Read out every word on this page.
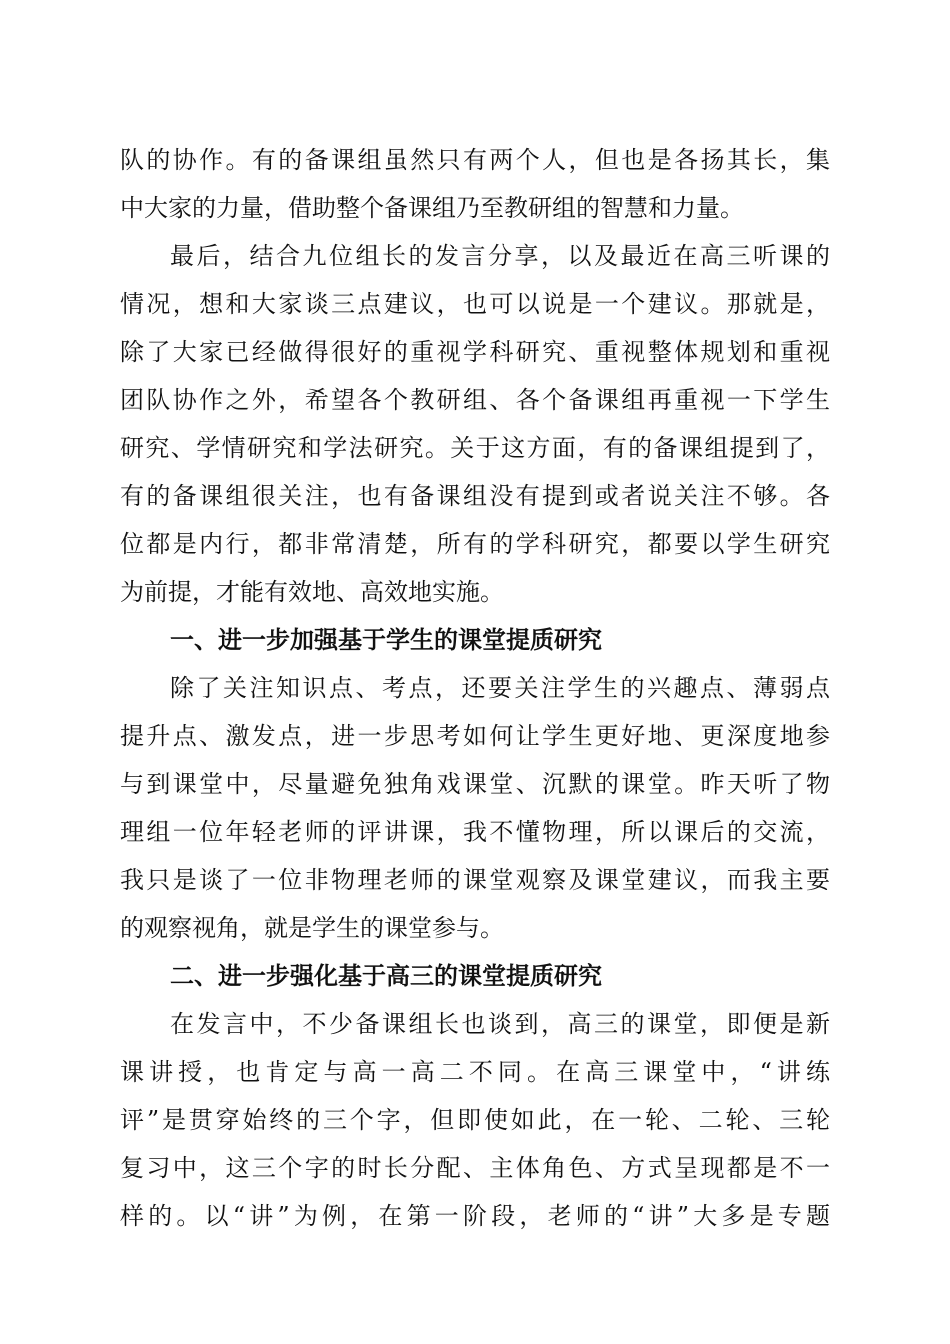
队的协作。有的备课组虽然只有两个人，但也是各扬其长，集
中大家的力量，借助整个备课组乃至教研组的智慧和力量。
最后，结合九位组长的发言分享，以及最近在高三听课的
情况，想和大家谈三点建议，也可以说是一个建议。那就是，
除了大家已经做得很好的重视学科研究、重视整体规划和重视
团队协作之外，希望各个教研组、各个备课组再重视一下学生
研究、学情研究和学法研究。关于这方面，有的备课组提到了，
有的备课组很关注，也有备课组没有提到或者说关注不够。各
位都是内行，都非常清楚，所有的学科研究，都要以学生研究
为前提，才能有效地、高效地实施。
一、进一步加强基于学生的课堂提质研究
除了关注知识点、考点，还要关注学生的兴趣点、薄弱点
提升点、激发点，进一步思考如何让学生更好地、更深度地参
与到课堂中，尽量避免独角戏课堂、沉默的课堂。昨天听了物
理组一位年轻老师的评讲课，我不懂物理，所以课后的交流，
我只是谈了一位非物理老师的课堂观察及课堂建议，而我主要
的观察视角，就是学生的课堂参与。
二、进一步强化基于高三的课堂提质研究
在发言中，不少备课组长也谈到，高三的课堂，即便是新
课讲授，也肯定与高一高二不同。在高三课堂中，“讲练
评”是贯穿始终的三个字，但即使如此，在一轮、二轮、三轮
复习中，这三个字的时长分配、主体角色、方式呈现都是不一
样的。以“讲”为例，在第一阶段，老师的“讲”大多是专题
